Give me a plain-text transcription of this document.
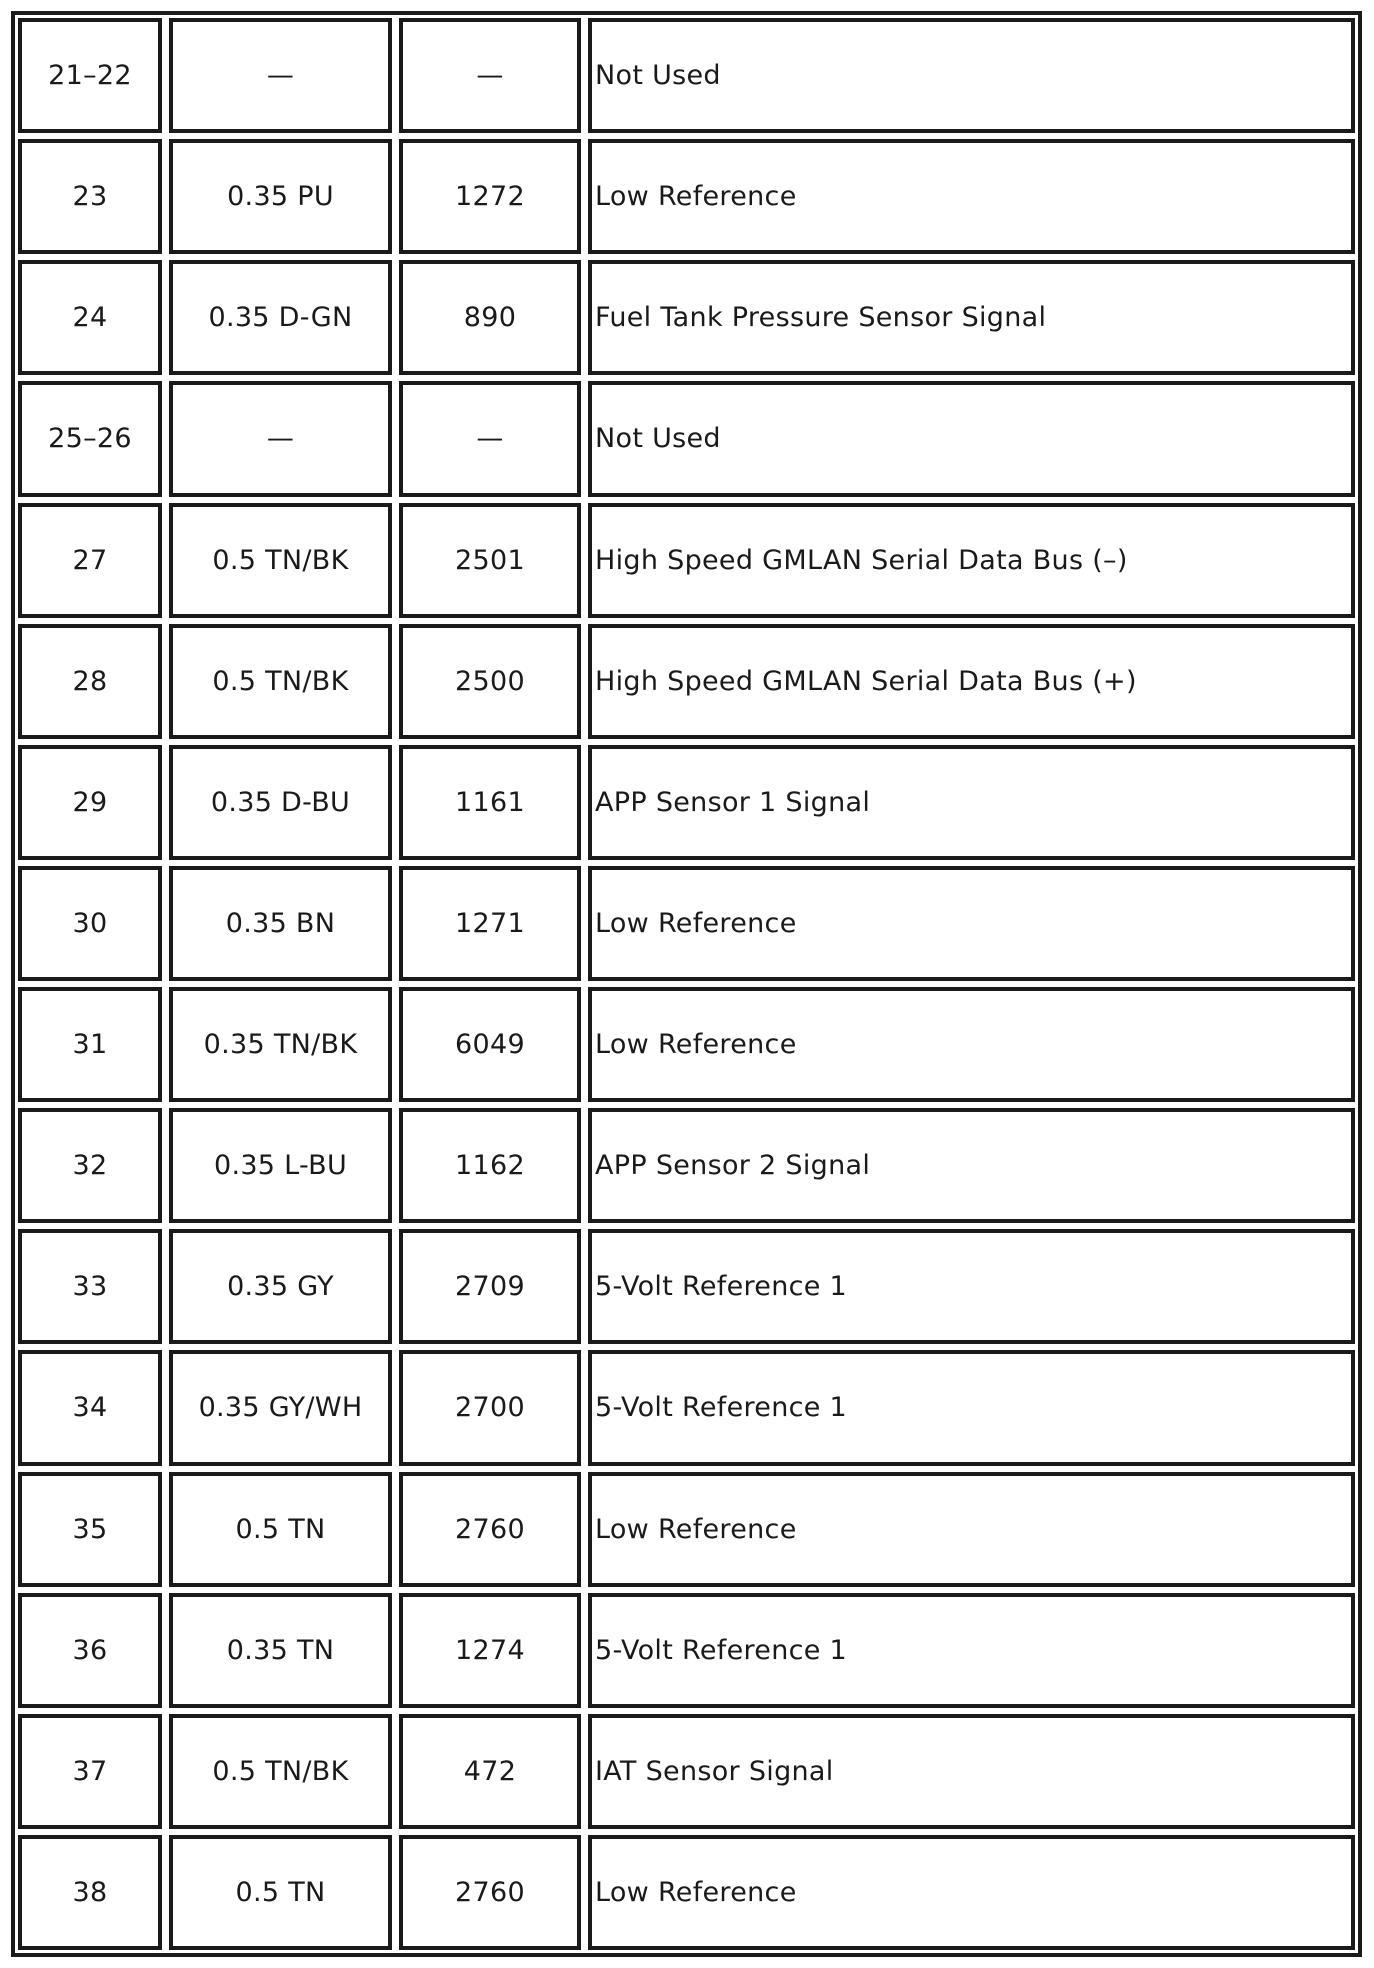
21–22	—	—	Not Used
23	0.35 PU	1272	Low Reference
24	0.35 D-GN	890	Fuel Tank Pressure Sensor Signal
25–26	—	—	Not Used
27	0.5 TN/BK	2501	High Speed GMLAN Serial Data Bus (–)
28	0.5 TN/BK	2500	High Speed GMLAN Serial Data Bus (+)
29	0.35 D-BU	1161	APP Sensor 1 Signal
30	0.35 BN	1271	Low Reference
31	0.35 TN/BK	6049	Low Reference
32	0.35 L-BU	1162	APP Sensor 2 Signal
33	0.35 GY	2709	5-Volt Reference 1
34	0.35 GY/WH	2700	5-Volt Reference 1
35	0.5 TN	2760	Low Reference
36	0.35 TN	1274	5-Volt Reference 1
37	0.5 TN/BK	472	IAT Sensor Signal
38	0.5 TN	2760	Low Reference
